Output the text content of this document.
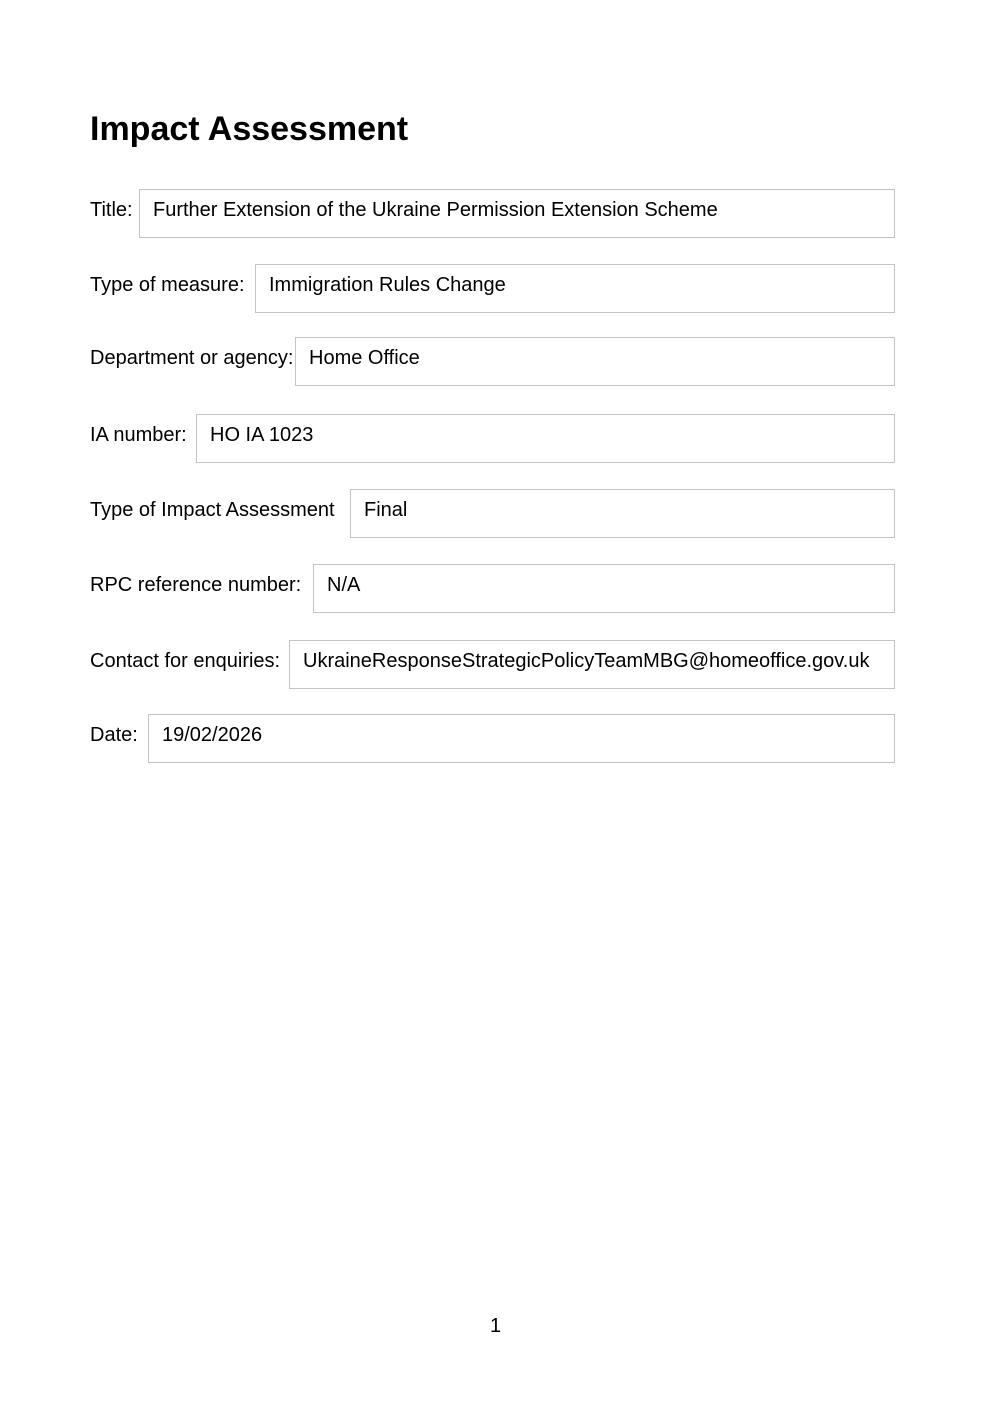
Impact Assessment
Title: Further Extension of the Ukraine Permission Extension Scheme
Type of measure: Immigration Rules Change
Department or agency: Home Office
IA number: HO IA 1023
Type of Impact Assessment Final
RPC reference number: N/A
Contact for enquiries: UkraineResponseStrategicPolicyTeamMBG@homeoffice.gov.uk
Date: 19/02/2026
1
